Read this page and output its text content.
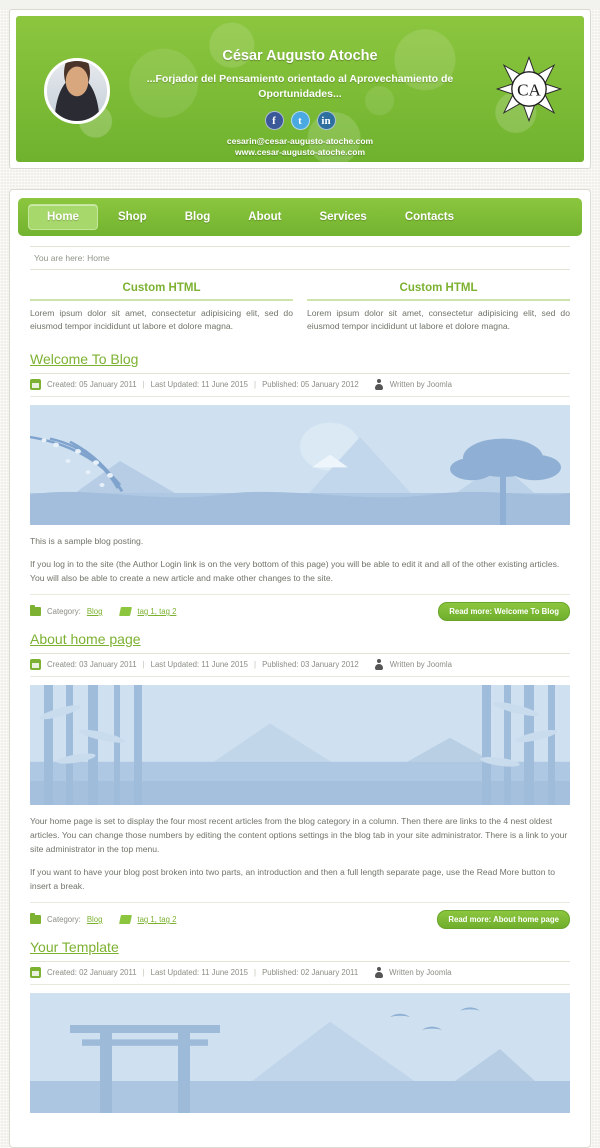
César Augusto Atoche
...Forjador del Pensamiento orientado al Aprovechamiento de Oportunidades...
f	t	in
cesarin@cesar-augusto-atoche.com
www.cesar-augusto-atoche.com
CA
Home	Shop	Blog	About	Services	Contacts
You are here: Home
Custom HTML

Lorem ipsum dolor sit amet, consectetur adipisicing elit, sed do eiusmod tempor incididunt ut labore et dolore magna.

Custom HTML

Lorem ipsum dolor sit amet, consectetur adipisicing elit, sed do eiusmod tempor incididunt ut labore et dolore magna.

Welcome To Blog
Created: 05 January 2011 | Last Updated: 11 June 2015 | Published: 05 January 2012	Written by Joomla
This is a sample blog posting.
If you log in to the site (the Author Login link is on the very bottom of this page) you will be able to edit it and all of the other existing articles. You will also be able to create a new article and make other changes to the site.
Category: Blog	tag 1, tag 2	Read more: Welcome To Blog
About home page
Created: 03 January 2011 | Last Updated: 11 June 2015 | Published: 03 January 2012	Written by Joomla
Your home page is set to display the four most recent articles from the blog category in a column. Then there are links to the 4 nest oldest articles. You can change those numbers by editing the content options settings in the blog tab in your site administrator. There is a link to your site administrator in the top menu.
If you want to have your blog post broken into two parts, an introduction and then a full length separate page, use the Read More button to insert a break.
Category: Blog	tag 1, tag 2	Read more: About home page
Your Template
Created: 02 January 2011 | Last Updated: 11 June 2015 | Published: 02 January 2011	Written by Joomla
